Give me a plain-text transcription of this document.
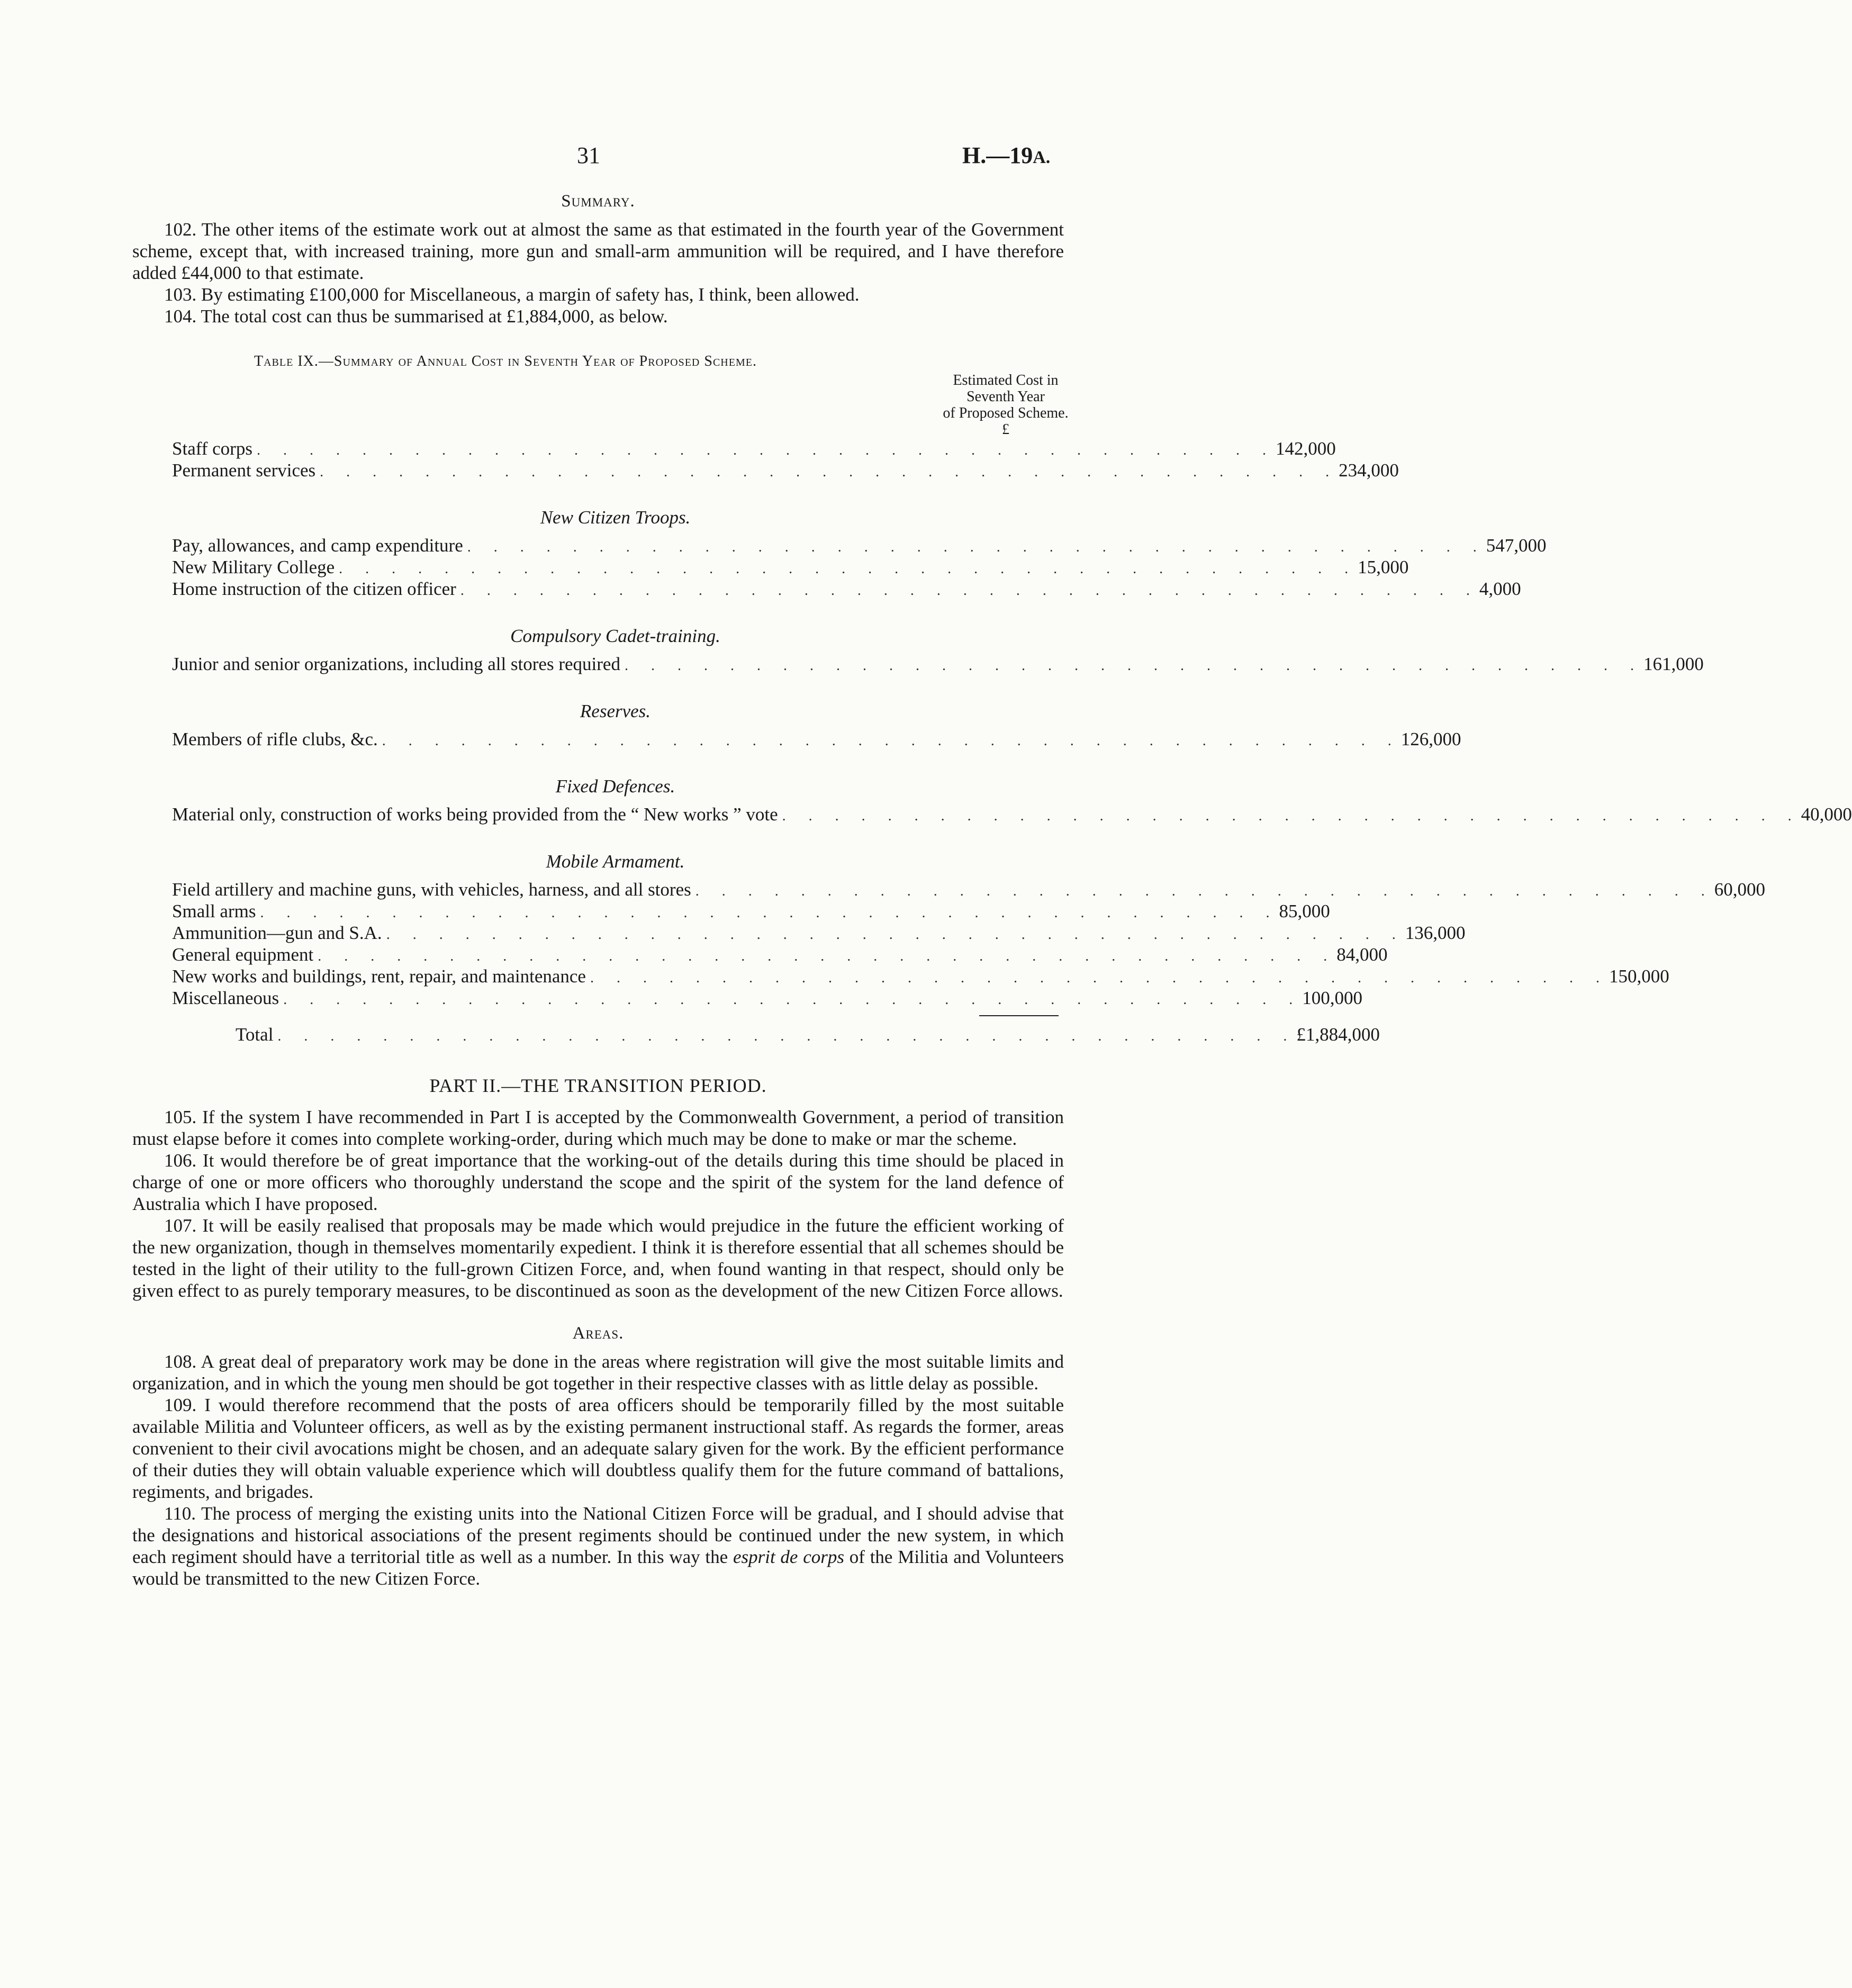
31	H.—19A.

Summary.

102. The other items of the estimate work out at almost the same as that estimated in the fourth year of the Government scheme, except that, with increased training, more gun and small-arm ammunition will be required, and I have therefore added £44,000 to that estimate.

103. By estimating £100,000 for Miscellaneous, a margin of safety has, I think, been allowed.

104. The total cost can thus be summarised at £1,884,000, as below.

Table IX.—Summary of Annual Cost in Seventh Year of Proposed Scheme.
Estimated Cost in
Seventh Year
of Proposed Scheme.
£
Staff corps . . . . . . . . . . . . . . . . . . . . . . . . . . . . . . . . . . . . . . . 142,000
Permanent services . . . . . . . . . . . . . . . . . . . . . . . . . . . . . . . . . . . . . . . 234,000
New Citizen Troops.
Pay, allowances, and camp expenditure . . . . . . . . . . . . . . . . . . . . . . . . . . . . . . . . . . . . . . . 547,000
New Military College . . . . . . . . . . . . . . . . . . . . . . . . . . . . . . . . . . . . . . . 15,000
Home instruction of the citizen officer . . . . . . . . . . . . . . . . . . . . . . . . . . . . . . . . . . . . . . . 4,000
Compulsory Cadet-training.
Junior and senior organizations, including all stores required . . . . . . . . . . . . . . . . . . . . . . . . . . . . . . . . . . . . . . . 161,000
Reserves.
Members of rifle clubs, &c. . . . . . . . . . . . . . . . . . . . . . . . . . . . . . . . . . . . . . . . 126,000
Fixed Defences.
Material only, construction of works being provided from the “ New works ” vote . . . . . . . . . . . . . . . . . . . . . . . . . . . . . . . . . . . . . . . 40,000
Mobile Armament.
Field artillery and machine guns, with vehicles, harness, and all stores . . . . . . . . . . . . . . . . . . . . . . . . . . . . . . . . . . . . . . . 60,000
Small arms . . . . . . . . . . . . . . . . . . . . . . . . . . . . . . . . . . . . . . . 85,000
Ammunition—gun and S.A. . . . . . . . . . . . . . . . . . . . . . . . . . . . . . . . . . . . . . . . 136,000
General equipment . . . . . . . . . . . . . . . . . . . . . . . . . . . . . . . . . . . . . . . 84,000
New works and buildings, rent, repair, and maintenance . . . . . . . . . . . . . . . . . . . . . . . . . . . . . . . . . . . . . . . 150,000
Miscellaneous . . . . . . . . . . . . . . . . . . . . . . . . . . . . . . . . . . . . . . . 100,000
Total . . . . . . . . . . . . . . . . . . . . . . . . . . . . . . . . . . . . . . . £1,884,000
PART II.—THE TRANSITION PERIOD.

105. If the system I have recommended in Part I is accepted by the Commonwealth Government, a period of transition must elapse before it comes into complete working-order, during which much may be done to make or mar the scheme.

106. It would therefore be of great importance that the working-out of the details during this time should be placed in charge of one or more officers who thoroughly understand the scope and the spirit of the system for the land defence of Australia which I have proposed.

107. It will be easily realised that proposals may be made which would prejudice in the future the efficient working of the new organization, though in themselves momentarily expedient. I think it is therefore essential that all schemes should be tested in the light of their utility to the full-grown Citizen Force, and, when found wanting in that respect, should only be given effect to as purely temporary measures, to be discontinued as soon as the development of the new Citizen Force allows.

Areas.

108. A great deal of preparatory work may be done in the areas where registration will give the most suitable limits and organization, and in which the young men should be got together in their respective classes with as little delay as possible.

109. I would therefore recommend that the posts of area officers should be temporarily filled by the most suitable available Militia and Volunteer officers, as well as by the existing permanent instructional staff. As regards the former, areas convenient to their civil avocations might be chosen, and an adequate salary given for the work. By the efficient performance of their duties they will obtain valuable experience which will doubtless qualify them for the future command of battalions, regiments, and brigades.

110. The process of merging the existing units into the National Citizen Force will be gradual, and I should advise that the designations and historical associations of the present regiments should be continued under the new system, in which each regiment should have a territorial title as well as a number. In this way the esprit de corps of the Militia and Volunteers would be transmitted to the new Citizen Force.
